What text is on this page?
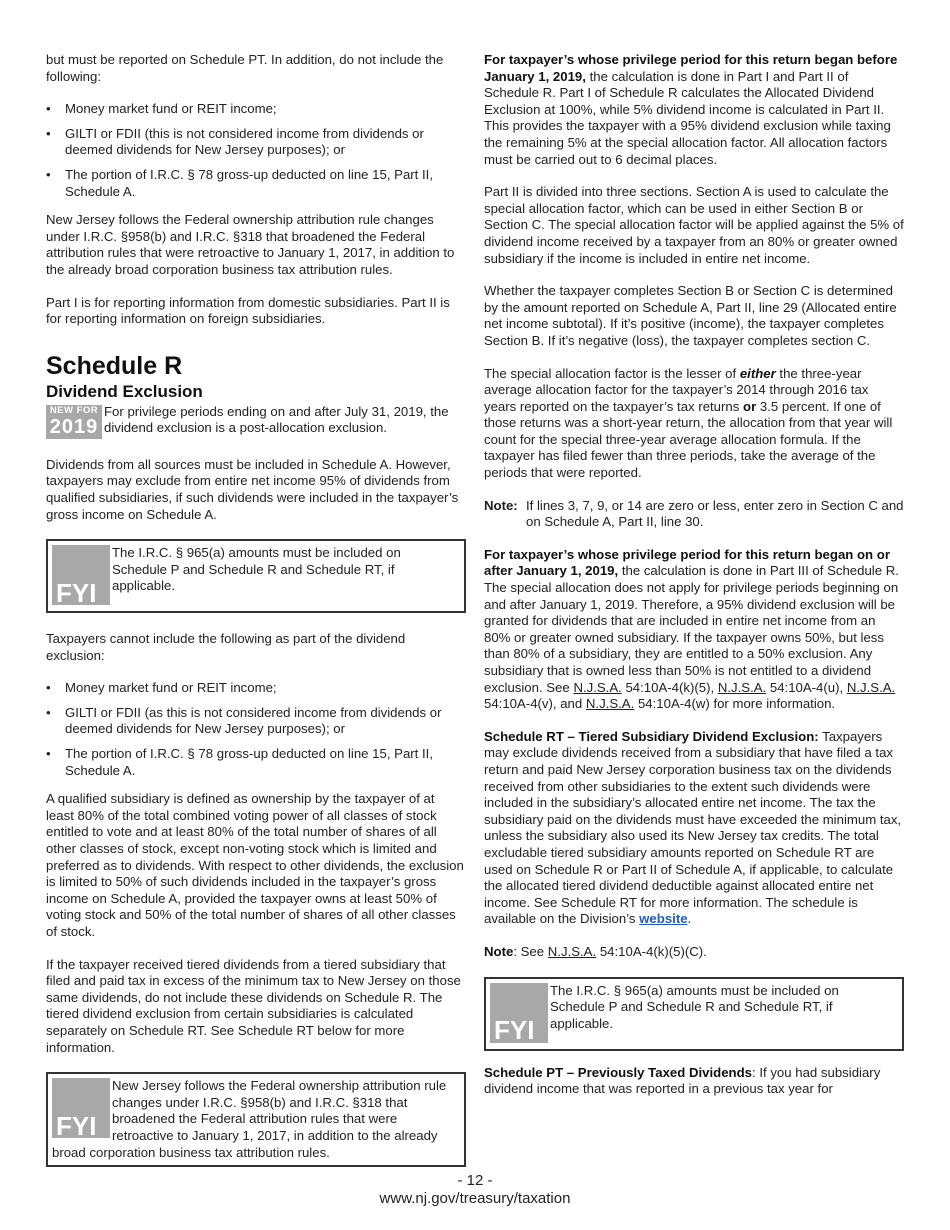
but must be reported on Schedule PT. In addition, do not include the following:

• Money market fund or REIT income;
• GILTI or FDII (this is not considered income from dividends or deemed dividends for New Jersey purposes); or
• The portion of I.R.C. § 78 gross-up deducted on line 15, Part II, Schedule A.

New Jersey follows the Federal ownership attribution rule changes under I.R.C. §958(b) and I.R.C. §318 that broadened the Federal attribution rules that were retroactive to January 1, 2017, in addition to the already broad corporation business tax attribution rules.

Part I is for reporting information from domestic subsidiaries. Part II is for reporting information on foreign subsidiaries.

Schedule R
Dividend Exclusion
NEW FOR
2019
For privilege periods ending on and after July 31, 2019, the dividend exclusion is a post-allocation exclusion.

Dividends from all sources must be included in Schedule A. However, taxpayers may exclude from entire net income 95% of dividends from qualified subsidiaries, if such dividends were included in the taxpayer’s gross income on Schedule A.

FYI
The I.R.C. § 965(a) amounts must be included on Schedule P and Schedule R and Schedule RT, if applicable.

Taxpayers cannot include the following as part of the dividend exclusion:

• Money market fund or REIT income;
• GILTI or FDII (as this is not considered income from dividends or deemed dividends for New Jersey purposes); or
• The portion of I.R.C. § 78 gross-up deducted on line 15, Part II, Schedule A.

A qualified subsidiary is defined as ownership by the taxpayer of at least 80% of the total combined voting power of all classes of stock entitled to vote and at least 80% of the total number of shares of all other classes of stock, except non-voting stock which is limited and preferred as to dividends. With respect to other dividends, the exclusion is limited to 50% of such dividends included in the taxpayer’s gross income on Schedule A, provided the taxpayer owns at least 50% of voting stock and 50% of the total number of shares of all other classes of stock.

If the taxpayer received tiered dividends from a tiered subsidiary that filed and paid tax in excess of the minimum tax to New Jersey on those same dividends, do not include these dividends on Schedule R. The tiered dividend exclusion from certain subsidiaries is calculated separately on Schedule RT. See Schedule RT below for more information.

FYI
New Jersey follows the Federal ownership attribution rule changes under I.R.C. §958(b) and I.R.C. §318 that broadened the Federal attribution rules that were retroactive to January 1, 2017, in addition to the already broad corporation business tax attribution rules.

For taxpayer’s whose privilege period for this return began before January 1, 2019, the calculation is done in Part I and Part II of Schedule R. Part I of Schedule R calculates the Allocated Dividend Exclusion at 100%, while 5% dividend income is calculated in Part II. This provides the taxpayer with a 95% dividend exclusion while taxing the remaining 5% at the special allocation factor. All allocation factors must be carried out to 6 decimal places.

Part II is divided into three sections. Section A is used to calculate the special allocation factor, which can be used in either Section B or Section C. The special allocation factor will be applied against the 5% of dividend income received by a taxpayer from an 80% or greater owned subsidiary if the income is included in entire net income.

Whether the taxpayer completes Section B or Section C is determined by the amount reported on Schedule A, Part II, line 29 (Allocated entire net income subtotal). If it’s positive (income), the taxpayer completes Section B. If it’s negative (loss), the taxpayer completes section C.

The special allocation factor is the lesser of either the three-year average allocation factor for the taxpayer’s 2014 through 2016 tax years reported on the taxpayer’s tax returns or 3.5 percent. If one of those returns was a short-year return, the allocation from that year will count for the special three-year average allocation formula. If the taxpayer has filed fewer than three periods, take the average of the periods that were reported.

Note: If lines 3, 7, 9, or 14 are zero or less, enter zero in Section C and on Schedule A, Part II, line 30.

For taxpayer’s whose privilege period for this return began on or after January 1, 2019, the calculation is done in Part III of Schedule R. The special allocation does not apply for privilege periods beginning on and after January 1, 2019. Therefore, a 95% dividend exclusion will be granted for dividends that are included in entire net income from an 80% or greater owned subsidiary. If the taxpayer owns 50%, but less than 80% of a subsidiary, they are entitled to a 50% exclusion. Any subsidiary that is owned less than 50% is not entitled to a dividend exclusion. See N.J.S.A. 54:10A-4(k)(5), N.J.S.A. 54:10A-4(u), N.J.S.A. 54:10A-4(v), and N.J.S.A. 54:10A-4(w) for more information.

Schedule RT – Tiered Subsidiary Dividend Exclusion: Taxpayers may exclude dividends received from a subsidiary that have filed a tax return and paid New Jersey corporation business tax on the dividends received from other subsidiaries to the extent such dividends were included in the subsidiary’s allocated entire net income. The tax the subsidiary paid on the dividends must have exceeded the minimum tax, unless the subsidiary also used its New Jersey tax credits. The total excludable tiered subsidiary amounts reported on Schedule RT are used on Schedule R or Part II of Schedule A, if applicable, to calculate the allocated tiered dividend deductible against allocated entire net income. See Schedule RT for more information. The schedule is available on the Division’s website.

Note: See N.J.S.A. 54:10A-4(k)(5)(C).

FYI
The I.R.C. § 965(a) amounts must be included on Schedule P and Schedule R and Schedule RT, if applicable.

Schedule PT – Previously Taxed Dividends: If you had subsidiary dividend income that was reported in a previous tax year for

- 12 -
www.nj.gov/treasury/taxation
